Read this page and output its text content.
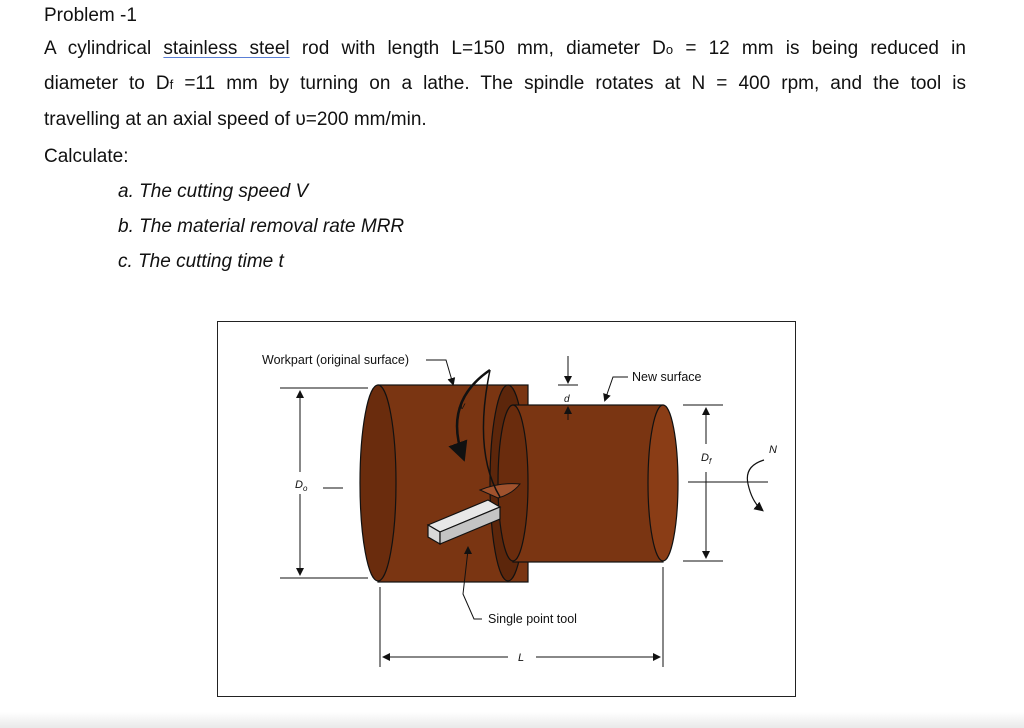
Problem -1
A cylindrical stainless steel rod with length L=150 mm, diameter Do = 12 mm is being reduced in
diameter to Df =11 mm by turning on a lathe. The spindle rotates at N = 400 rpm, and the tool is
travelling at an axial speed of υ=200 mm/min.
Calculate:
a. The cutting speed V
b. The material removal rate MRR
c. The cutting time t
Workpart (original surface)
New surface
Single point tool
d
v
$D_o$
$D_f$
N
L
